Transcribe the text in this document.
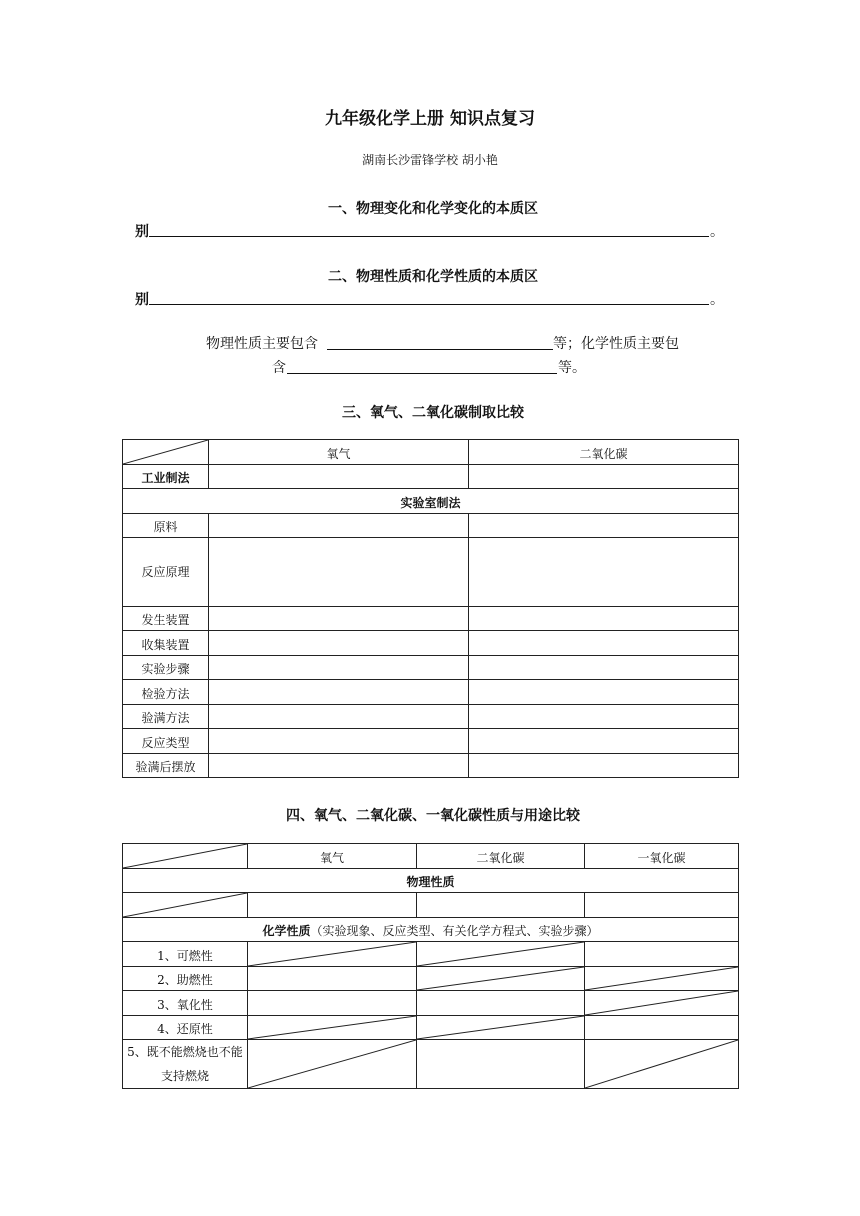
九年级化学上册 知识点复习
湖南长沙雷锋学校 胡小艳
一、物理变化和化学变化的本质区
别	。
二、物理性质和化学性质的本质区
别	。
物理性质主要包含	等；化学性质主要包
含	等。
三、氧气、二氧化碳制取比较
	氧气	二氧化碳
工业制法		
实验室制法		
原料		
反应原理		
发生装置		
收集装置		
实验步骤		
检验方法		
验满方法		
反应类型		
验满后摆放		
四、氧气、二氧化碳、一氧化碳性质与用途比较
	氧气	二氧化碳	一氧化碳
物理性质			

化学性质（实验现象、反应类型、有关化学方程式、实验步骤）			
1、可燃性	

2、助燃性		

3、氧化性			

4、还原性	

5、既不能燃烧也不能支持燃烧	
